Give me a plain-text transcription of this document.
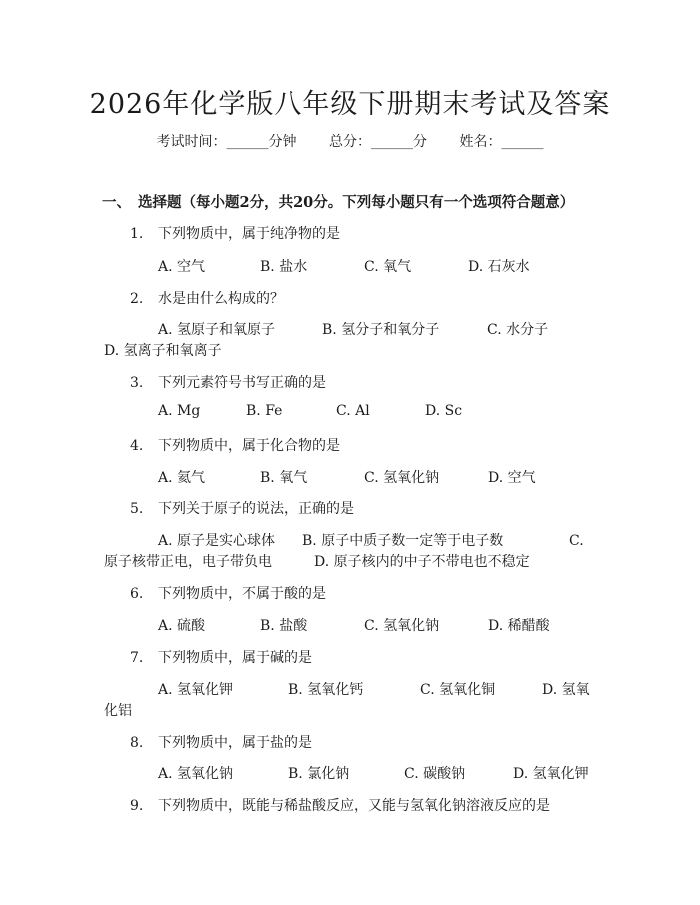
2026年化学版八年级下册期末考试及答案
考试时间：______分钟 总分：______分 姓名：______
一、 选择题（每小题2分，共20分。下列每小题只有一个选项符合题意）
1. 下列物质中，属于纯净物的是
A. 空气	B. 盐水	C. 氧气	D. 石灰水
2. 水是由什么构成的？
A. 氢原子和氧原子	B. 氢分子和氧分子	C. 水分子
D. 氢离子和氧离子
3. 下列元素符号书写正确的是
A. Mg	B. Fe	C. Al	D. Sc
4. 下列物质中，属于化合物的是
A. 氦气	B. 氧气	C. 氢氧化钠	D. 空气
5. 下列关于原子的说法，正确的是
A. 原子是实心球体 B. 原子中质子数一定等于电子数	C.
原子核带正电，电子带负电	D. 原子核内的中子不带电也不稳定
6. 下列物质中，不属于酸的是
A. 硫酸	B. 盐酸	C. 氢氧化钠	D. 稀醋酸
7. 下列物质中，属于碱的是
A. 氢氧化钾	B. 氢氧化钙	C. 氢氧化铜	D. 氢氧
化铝
8. 下列物质中，属于盐的是
A. 氢氧化钠	B. 氯化钠	C. 碳酸钠	D. 氢氧化钾
9. 下列物质中，既能与稀盐酸反应，又能与氢氧化钠溶液反应的是
